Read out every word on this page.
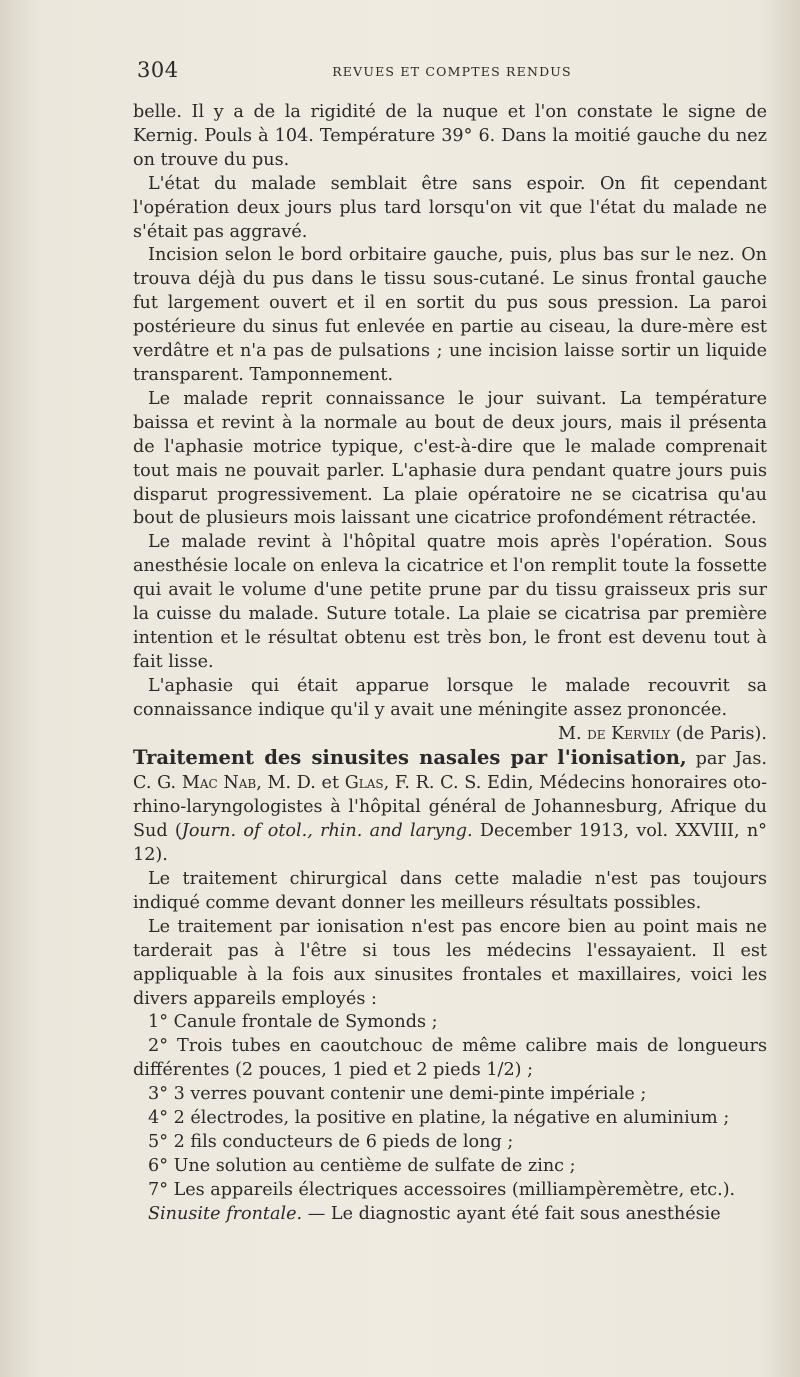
304	REVUES ET COMPTES RENDUS

belle. Il y a de la rigidité de la nuque et l'on constate le signe de Kernig. Pouls à 104. Température 39° 6. Dans la moitié gauche du nez on trouve du pus.

L'état du malade semblait être sans espoir. On fit cependant l'opération deux jours plus tard lorsqu'on vit que l'état du malade ne s'était pas aggravé.

Incision selon le bord orbitaire gauche, puis, plus bas sur le nez. On trouva déjà du pus dans le tissu sous-cutané. Le sinus frontal gauche fut largement ouvert et il en sortit du pus sous pression. La paroi postérieure du sinus fut enlevée en partie au ciseau, la dure-mère est verdâtre et n'a pas de pulsations ; une incision laisse sortir un liquide transparent. Tamponnement.

Le malade reprit connaissance le jour suivant. La température baissa et revint à la normale au bout de deux jours, mais il présenta de l'aphasie motrice typique, c'est-à-dire que le malade comprenait tout mais ne pouvait parler. L'aphasie dura pendant quatre jours puis disparut progressivement. La plaie opératoire ne se cicatrisa qu'au bout de plusieurs mois laissant une cicatrice profondément rétractée.

Le malade revint à l'hôpital quatre mois après l'opération. Sous anesthésie locale on enleva la cicatrice et l'on remplit toute la fossette qui avait le volume d'une petite prune par du tissu graisseux pris sur la cuisse du malade. Suture totale. La plaie se cicatrisa par première intention et le résultat obtenu est très bon, le front est devenu tout à fait lisse.

L'aphasie qui était apparue lorsque le malade recouvrit sa connaissance indique qu'il y avait une méningite assez prononcée.

M. de Kervily (de Paris).

Traitement des sinusites nasales par l'ionisation, par Jas. C. G. Mac Nab, M. D. et Glas, F. R. C. S. Edin, Médecins honoraires oto-rhino-laryngologistes à l'hôpital général de Johannesburg, Afrique du Sud (Journ. of otol., rhin. and laryng. December 1913, vol. XXVIII, n° 12).

Le traitement chirurgical dans cette maladie n'est pas toujours indiqué comme devant donner les meilleurs résultats possibles.

Le traitement par ionisation n'est pas encore bien au point mais ne tarderait pas à l'être si tous les médecins l'essayaient. Il est appliquable à la fois aux sinusites frontales et maxillaires, voici les divers appareils employés :

1° Canule frontale de Symonds ;

2° Trois tubes en caoutchouc de même calibre mais de longueurs différentes (2 pouces, 1 pied et 2 pieds 1/2) ;

3° 3 verres pouvant contenir une demi-pinte impériale ;

4° 2 électrodes, la positive en platine, la négative en aluminium ;

5° 2 fils conducteurs de 6 pieds de long ;

6° Une solution au centième de sulfate de zinc ;

7° Les appareils électriques accessoires (milliampèremètre, etc.).

Sinusite frontale. — Le diagnostic ayant été fait sous anesthésie
